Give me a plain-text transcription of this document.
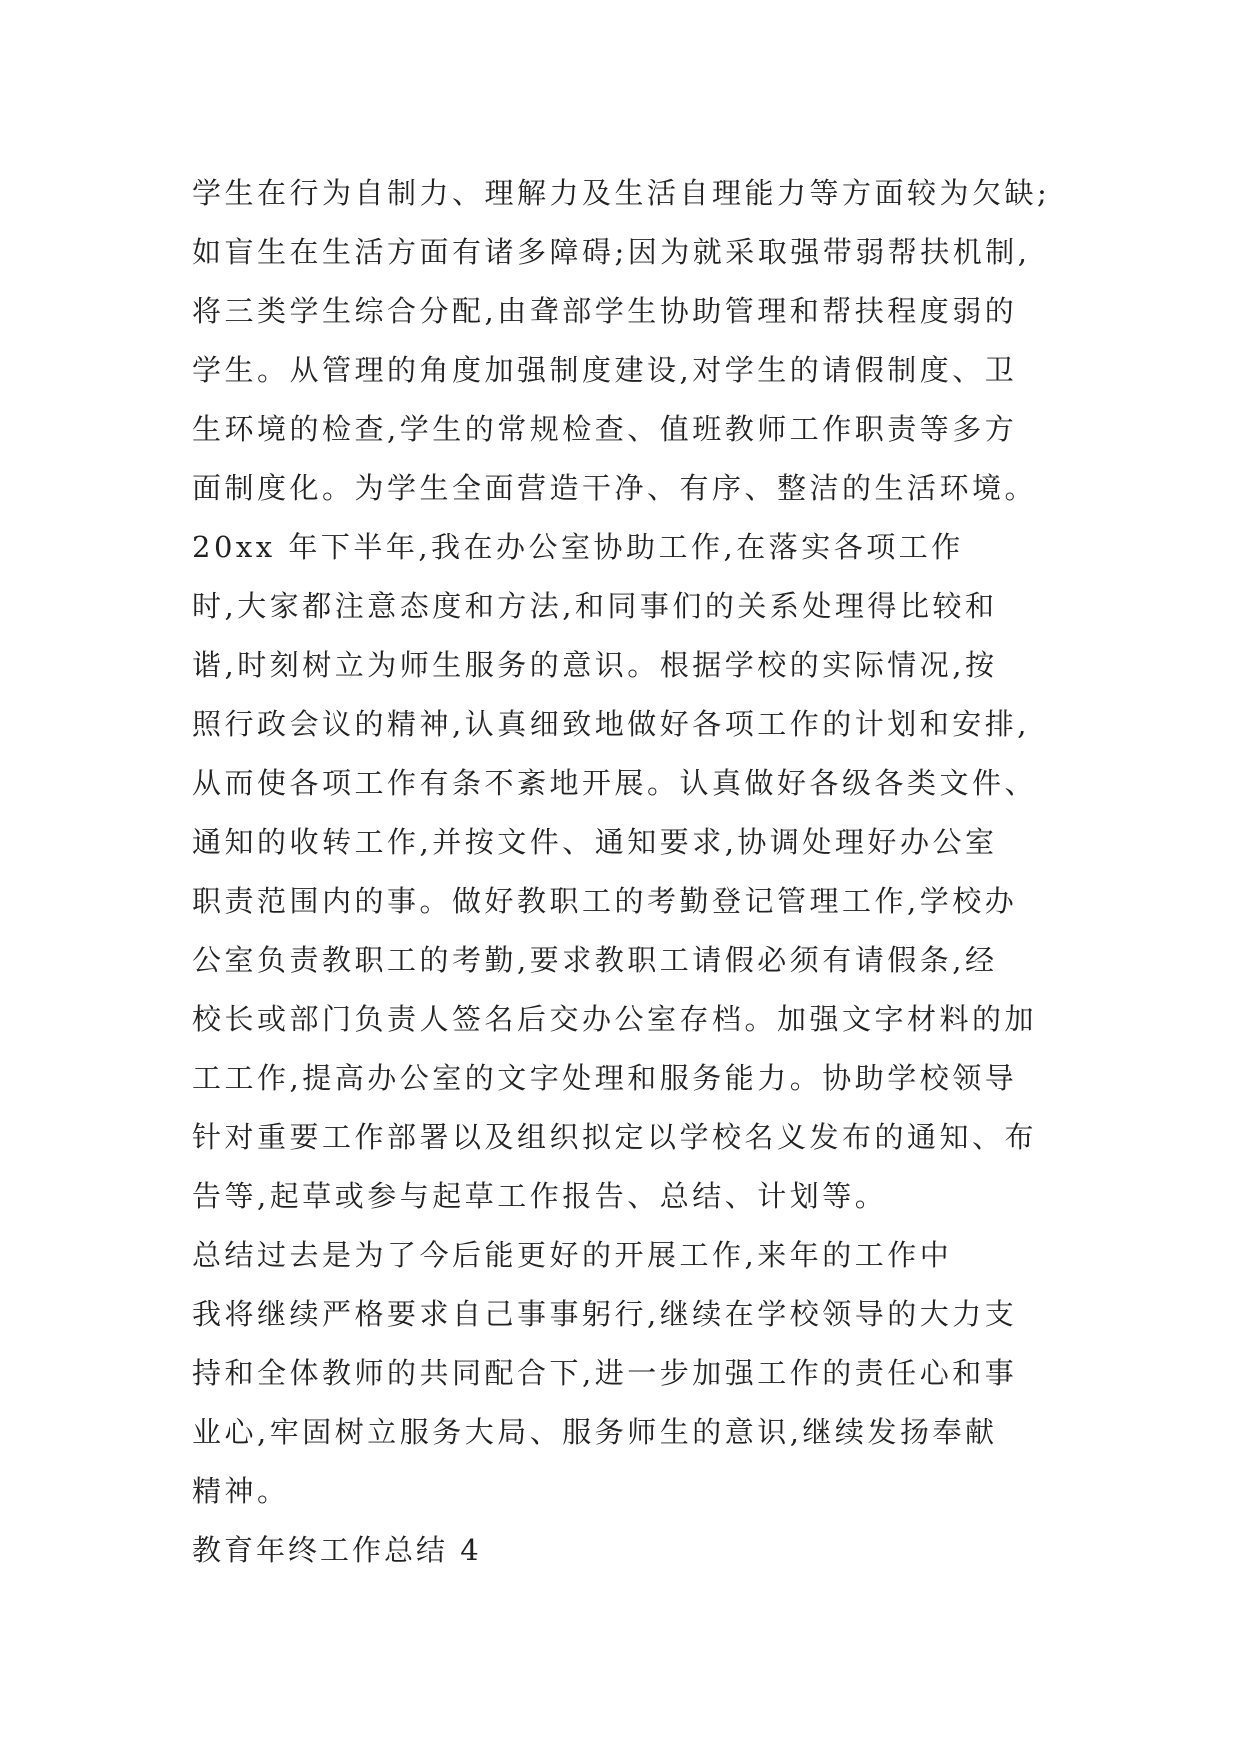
学生在行为自制力、理解力及生活自理能力等方面较为欠缺;
如盲生在生活方面有诸多障碍;因为就采取强带弱帮扶机制,
将三类学生综合分配,由聋部学生协助管理和帮扶程度弱的
学生。从管理的角度加强制度建设,对学生的请假制度、卫
生环境的检查,学生的常规检查、值班教师工作职责等多方
面制度化。为学生全面营造干净、有序、整洁的生活环境。
20xx 年下半年,我在办公室协助工作,在落实各项工作
时,大家都注意态度和方法,和同事们的关系处理得比较和
谐,时刻树立为师生服务的意识。根据学校的实际情况,按
照行政会议的精神,认真细致地做好各项工作的计划和安排,
从而使各项工作有条不紊地开展。认真做好各级各类文件、
通知的收转工作,并按文件、通知要求,协调处理好办公室
职责范围内的事。做好教职工的考勤登记管理工作,学校办
公室负责教职工的考勤,要求教职工请假必须有请假条,经
校长或部门负责人签名后交办公室存档。加强文字材料的加
工工作,提高办公室的文字处理和服务能力。协助学校领导
针对重要工作部署以及组织拟定以学校名义发布的通知、布
告等,起草或参与起草工作报告、总结、计划等。
总结过去是为了今后能更好的开展工作,来年的工作中
我将继续严格要求自己事事躬行,继续在学校领导的大力支
持和全体教师的共同配合下,进一步加强工作的责任心和事
业心,牢固树立服务大局、服务师生的意识,继续发扬奉献
精神。
教育年终工作总结 4
